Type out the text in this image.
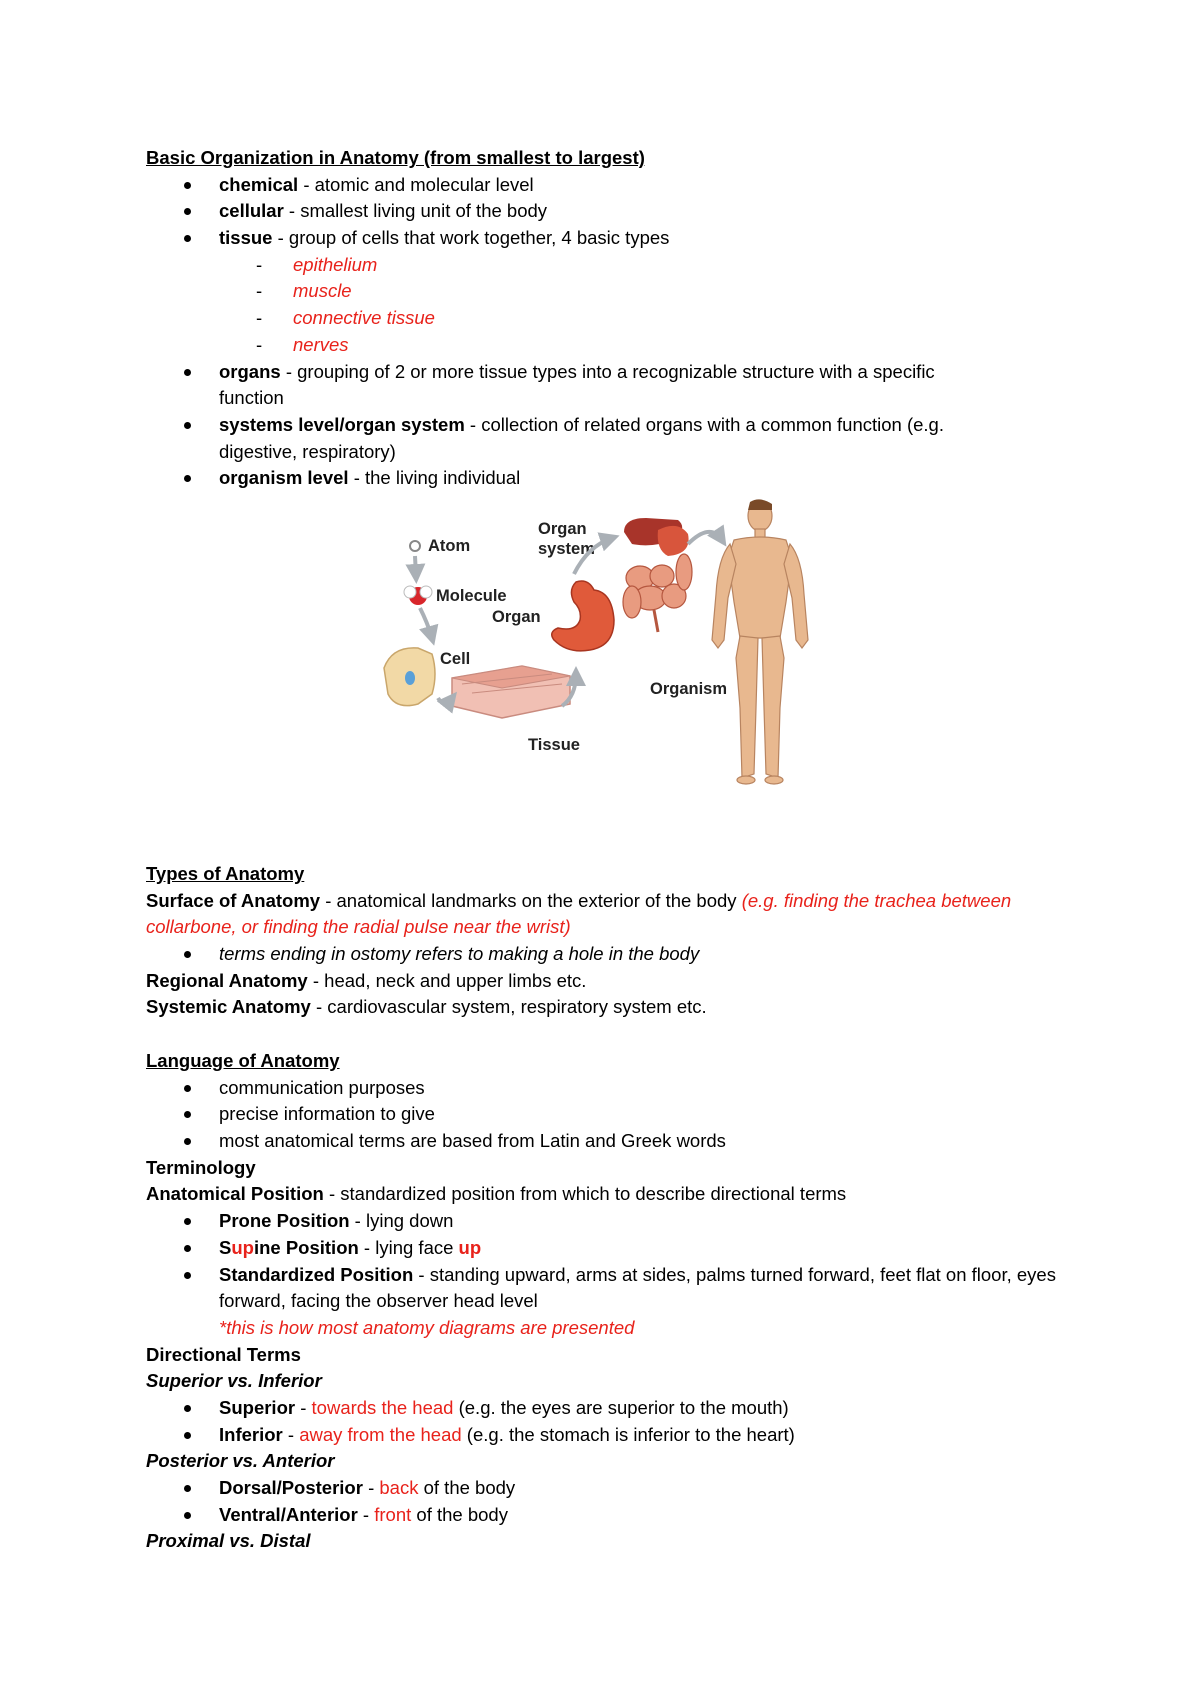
Basic Organization in Anatomy (from smallest to largest)
chemical - atomic and molecular level
cellular - smallest living unit of the body
tissue - group of cells that work together, 4 basic types
- epithelium
- muscle
- connective tissue
- nerves
organs - grouping of 2 or more tissue types into a recognizable structure with a specific function
systems level/organ system - collection of related organs with a common function (e.g. digestive, respiratory)
organism level - the living individual
Atom
Molecule
Cell
Tissue
Organ
Organ
system
Organism
Types of Anatomy
Surface of Anatomy - anatomical landmarks on the exterior of the body (e.g. finding the trachea between collarbone, or finding the radial pulse near the wrist)
terms ending in ostomy refers to making a hole in the body
Regional Anatomy - head, neck and upper limbs etc.
Systemic Anatomy - cardiovascular system, respiratory system etc.
Language of Anatomy
communication purposes
precise information to give
most anatomical terms are based from Latin and Greek words
Terminology
Anatomical Position - standardized position from which to describe directional terms
Prone Position - lying down
Supine Position - lying face up
Standardized Position - standing upward, arms at sides, palms turned forward, feet flat on floor, eyes forward, facing the observer head level
*this is how most anatomy diagrams are presented
Directional Terms
Superior vs. Inferior
Superior - towards the head (e.g. the eyes are superior to the mouth)
Inferior - away from the head (e.g. the stomach is inferior to the heart)
Posterior vs. Anterior
Dorsal/Posterior - back of the body
Ventral/Anterior - front of the body
Proximal vs. Distal
